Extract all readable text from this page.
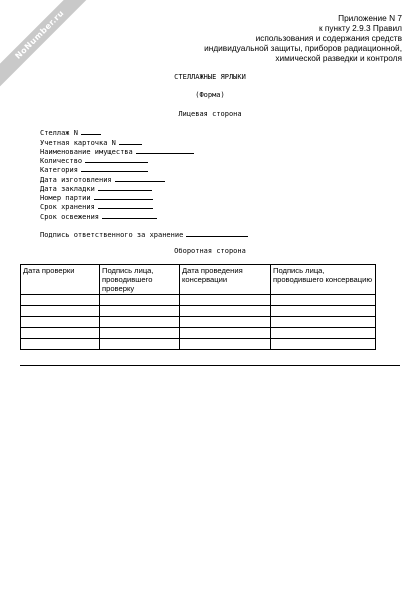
NoNumber.ru	Приложение N 7
к пункту 2.9.3 Правил
использования и содержания средств
индивидуальной защиты, приборов радиационной,
химической разведки и контроля
СТЕЛЛАЖНЫЕ ЯРЛЫКИ
(Форма)
Лицевая сторона
Стеллаж N
Учетная карточка N
Наименование имущества
Количество
Категория
Дата изготовления
Дата закладки
Номер партии
Срок хранения
Срок освежения
Подпись ответственного за хранение
Оборотная сторона
Дата проверки	Подпись лица, проводившего проверку	Дата проведения консервации	Подпись лица, проводившего консервацию
